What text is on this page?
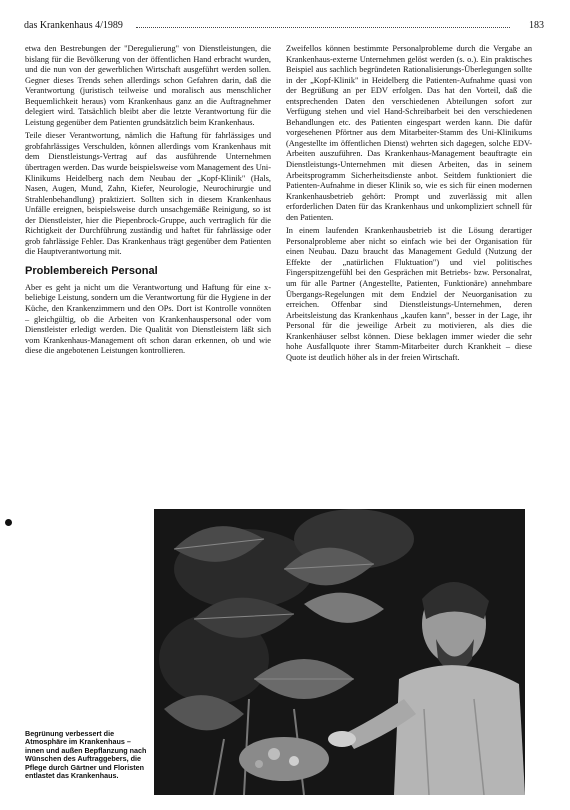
das Krankenhaus 4/1989	183

etwa den Bestrebungen der "Deregulierung" von Dienstleistungen, die bislang für die Bevölkerung von der öffentlichen Hand erbracht wurden, und die nun von der gewerblichen Wirtschaft ausgeführt werden sollen. Gegner dieses Trends sehen allerdings schon Gefahren darin, daß die Verantwortung (juristisch teilweise und moralisch aus menschlicher Bequemlichkeit heraus) vom Krankenhaus ganz an die Auftragnehmer delegiert wird. Tatsächlich bleibt aber die letzte Verantwortung für die Leistung gegenüber dem Patienten grundsätzlich beim Krankenhaus.

Teile dieser Verantwortung, nämlich die Haftung für fahrlässiges und grobfahrlässiges Verschulden, können allerdings vom Krankenhaus mit dem Dienstleistungs-Vertrag auf das ausführende Unternehmen übertragen werden. Das wurde beispielsweise vom Management des Uni-Klinikums Heidelberg nach dem Neubau der „Kopf-Klinik" (Hals, Nasen, Augen, Mund, Zahn, Kiefer, Neurologie, Neurochirurgie und Strahlenbehandlung) praktiziert. Sollten sich in diesem Krankenhaus Unfälle ereignen, beispielsweise durch unsachgemäße Reinigung, so ist der Dienstleister, hier die Piepenbrock-Gruppe, auch vertraglich für die Richtigkeit der Durchführung zuständig und haftet für fahrlässige oder grob fahrlässige Fehler. Das Krankenhaus trägt gegenüber dem Patienten die Hauptverantwortung mit.

Problembereich Personal

Aber es geht ja nicht um die Verantwortung und Haftung für eine x-beliebige Leistung, sondern um die Verantwortung für die Hygiene in der Küche, den Krankenzimmern und den OPs. Dort ist Kontrolle vonnöten – gleichgültig, ob die Arbeiten von Krankenhauspersonal oder vom Dienstleister erledigt werden. Die Qualität von Dienstleistern läßt sich vom Krankenhaus-Management oft schon daran erkennen, ob und wie diese die angebotenen Leistungen kontrollieren.

Zweifellos können bestimmte Personalprobleme durch die Vergabe an Krankenhaus-externe Unternehmen gelöst werden (s. o.). Ein praktisches Beispiel aus sachlich begründeten Rationalisierungs-Überlegungen sollte in der „Kopf-Klinik" in Heidelberg die Patienten-Aufnahme quasi von der Begrüßung an per EDV erfolgen. Das hat den Vorteil, daß die entsprechenden Daten den verschiedenen Abteilungen sofort zur Verfügung stehen und viel Hand-Schreibarbeit bei den verschiedenen Behandlungen etc. des Patienten eingespart werden kann. Die dafür vorgesehenen Pförtner aus dem Mitarbeiter-Stamm des Uni-Klinikums (Angestellte im öffentlichen Dienst) wehrten sich dagegen, solche EDV-Arbeiten auszuführen. Das Krankenhaus-Management beauftragte ein Dienstleistungs-Unternehmen mit diesen Arbeiten, das in seinem Arbeitsprogramm Sicherheitsdienste anbot. Seitdem funktioniert die Patienten-Aufnahme in dieser Klinik so, wie es sich für einen modernen Krankenhausbetrieb gehört: Prompt und zuverlässig mit allen erforderlichen Daten für das Krankenhaus und unkompliziert schnell für den Patienten.

In einem laufenden Krankenhausbetrieb ist die Lösung derartiger Personalprobleme aber nicht so einfach wie bei der Organisation für einen Neubau. Dazu braucht das Management Geduld (Nutzung der Effekte der „natürlichen Fluktuation") und viel politisches Fingerspitzengefühl bei den Gesprächen mit Betriebs- bzw. Personalrat, um für alle Partner (Angestellte, Patienten, Funktionäre) annehmbare Übergangs-Regelungen mit dem Endziel der Neuorganisation zu erreichen. Offenbar sind Dienstleistungs-Unternehmen, deren Arbeitsleistung das Krankenhaus „kaufen kann", besser in der Lage, ihr Personal für die jeweilige Arbeit zu motivieren, als dies die Krankenhäuser selbst können. Diese beklagen immer wieder die sehr hohe Ausfallquote ihrer Stamm-Mitarbeiter durch Krankheit – diese Quote ist deutlich höher als in der freien Wirtschaft.

Begrünung verbessert die Atmosphäre im Krankenhaus – innen und außen Bepflanzung nach Wünschen des Auftraggebers, die Pflege durch Gärtner und Floristen entlastet das Krankenhaus.
